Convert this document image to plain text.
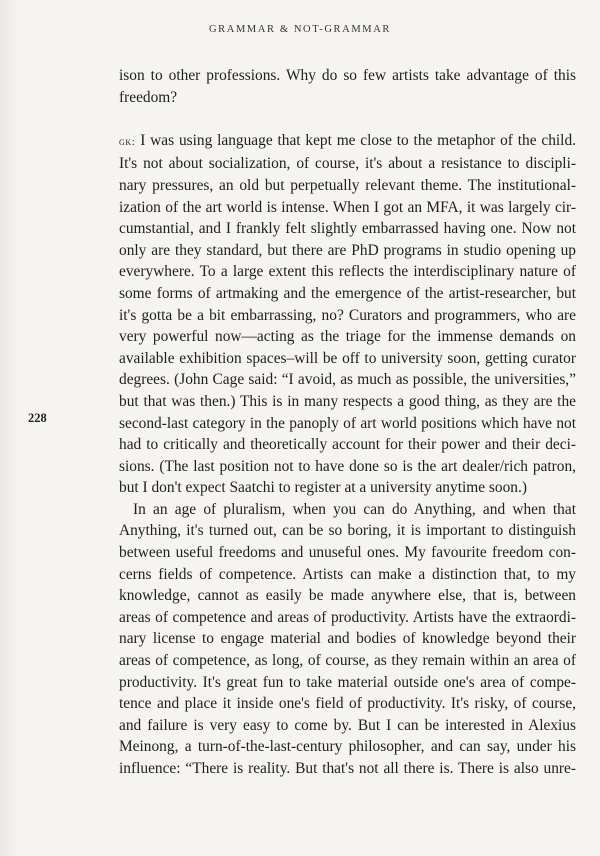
GRAMMAR & NOT-GRAMMAR
228
ison to other professions. Why do so few artists take advantage of this
freedom?
gk: I was using language that kept me close to the metaphor of the child.
It's not about socialization, of course, it's about a resistance to discipli-
nary pressures, an old but perpetually relevant theme. The institutional-
ization of the art world is intense. When I got an MFA, it was largely cir-
cumstantial, and I frankly felt slightly embarrassed having one. Now not
only are they standard, but there are PhD programs in studio opening up
everywhere. To a large extent this reflects the interdisciplinary nature of
some forms of artmaking and the emergence of the artist-researcher, but
it's gotta be a bit embarrassing, no? Curators and programmers, who are
very powerful now—acting as the triage for the immense demands on
available exhibition spaces–will be off to university soon, getting curator
degrees. (John Cage said: “I avoid, as much as possible, the universities,”
but that was then.) This is in many respects a good thing, as they are the
second-last category in the panoply of art world positions which have not
had to critically and theoretically account for their power and their deci-
sions. (The last position not to have done so is the art dealer/rich patron,
but I don't expect Saatchi to register at a university anytime soon.)
In an age of pluralism, when you can do Anything, and when that
Anything, it's turned out, can be so boring, it is important to distinguish
between useful freedoms and unuseful ones. My favourite freedom con-
cerns fields of competence. Artists can make a distinction that, to my
knowledge, cannot as easily be made anywhere else, that is, between
areas of competence and areas of productivity. Artists have the extraordi-
nary license to engage material and bodies of knowledge beyond their
areas of competence, as long, of course, as they remain within an area of
productivity. It's great fun to take material outside one's area of compe-
tence and place it inside one's field of productivity. It's risky, of course,
and failure is very easy to come by. But I can be interested in Alexius
Meinong, a turn-of-the-last-century philosopher, and can say, under his
influence: “There is reality. But that's not all there is. There is also unre-
